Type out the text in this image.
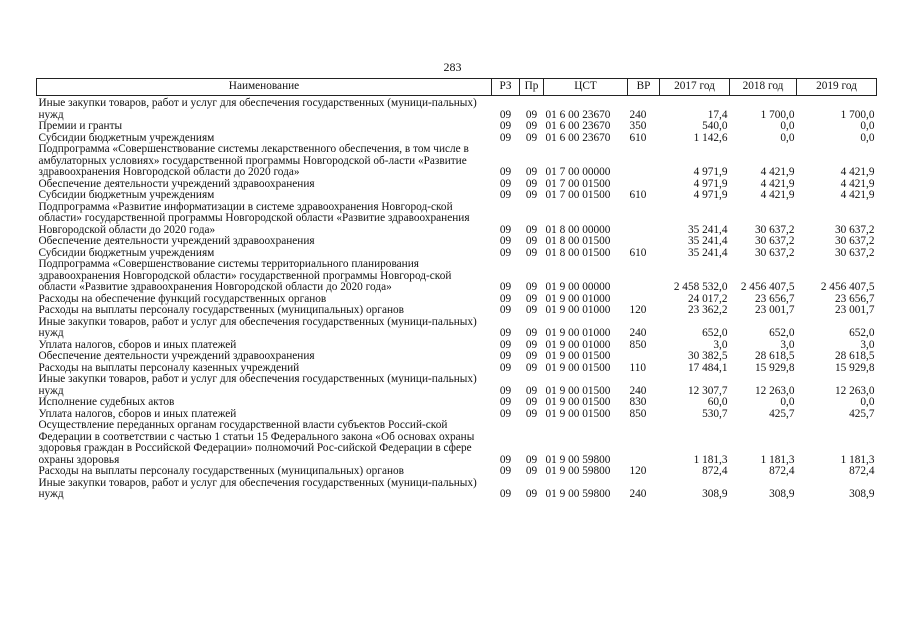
283
Наименование	РЗ	Пр	ЦСТ	ВР	2017 год	2018 год	2019 год
Иные закупки товаров, работ и услуг для обеспечения государственных (муници-пальных) нужд	09	09	01 6 00 23670	240	17,4	1 700,0	1 700,0
Премии и гранты	09	09	01 6 00 23670	350	540,0	0,0	0,0
Субсидии бюджетным учреждениям	09	09	01 6 00 23670	610	1 142,6	0,0	0,0
Подпрограмма «Совершенствование системы лекарственного обеспечения, в том числе в амбулаторных условиях» государственной программы Новгородской об-ласти «Развитие здравоохранения Новгородской области до 2020 года»	09	09	01 7 00 00000		4 971,9	4 421,9	4 421,9
Обеспечение деятельности учреждений здравоохранения	09	09	01 7 00 01500		4 971,9	4 421,9	4 421,9
Субсидии бюджетным учреждениям	09	09	01 7 00 01500	610	4 971,9	4 421,9	4 421,9
Подпрограмма «Развитие информатизации в системе здравоохранения Новгород-ской области» государственной программы Новгородской области «Развитие здравоохранения Новгородской области до 2020 года»	09	09	01 8 00 00000		35 241,4	30 637,2	30 637,2
Обеспечение деятельности учреждений здравоохранения	09	09	01 8 00 01500		35 241,4	30 637,2	30 637,2
Субсидии бюджетным учреждениям	09	09	01 8 00 01500	610	35 241,4	30 637,2	30 637,2
Подпрограмма «Совершенствование системы территориального планирования здравоохранения Новгородской области» государственной программы Новгород-ской области «Развитие здравоохранения Новгородской области до 2020 года»	09	09	01 9 00 00000		2 458 532,0	2 456 407,5	2 456 407,5
Расходы на обеспечение функций государственных органов	09	09	01 9 00 01000		24 017,2	23 656,7	23 656,7
Расходы на выплаты персоналу государственных (муниципальных) органов	09	09	01 9 00 01000	120	23 362,2	23 001,7	23 001,7
Иные закупки товаров, работ и услуг для обеспечения государственных (муници-пальных) нужд	09	09	01 9 00 01000	240	652,0	652,0	652,0
Уплата налогов, сборов и иных платежей	09	09	01 9 00 01000	850	3,0	3,0	3,0
Обеспечение деятельности учреждений здравоохранения	09	09	01 9 00 01500		30 382,5	28 618,5	28 618,5
Расходы на выплаты персоналу казенных учреждений	09	09	01 9 00 01500	110	17 484,1	15 929,8	15 929,8
Иные закупки товаров, работ и услуг для обеспечения государственных (муници-пальных) нужд	09	09	01 9 00 01500	240	12 307,7	12 263,0	12 263,0
Исполнение судебных актов	09	09	01 9 00 01500	830	60,0	0,0	0,0
Уплата налогов, сборов и иных платежей	09	09	01 9 00 01500	850	530,7	425,7	425,7
Осуществление переданных органам государственной власти субъектов Россий-ской Федерации в соответствии с частью 1 статьи 15 Федерального закона «Об основах охраны здоровья граждан в Российской Федерации» полномочий Рос-сийской Федерации в сфере охраны здоровья	09	09	01 9 00 59800		1 181,3	1 181,3	1 181,3
Расходы на выплаты персоналу государственных (муниципальных) органов	09	09	01 9 00 59800	120	872,4	872,4	872,4
Иные закупки товаров, работ и услуг для обеспечения государственных (муници-пальных) нужд	09	09	01 9 00 59800	240	308,9	308,9	308,9
